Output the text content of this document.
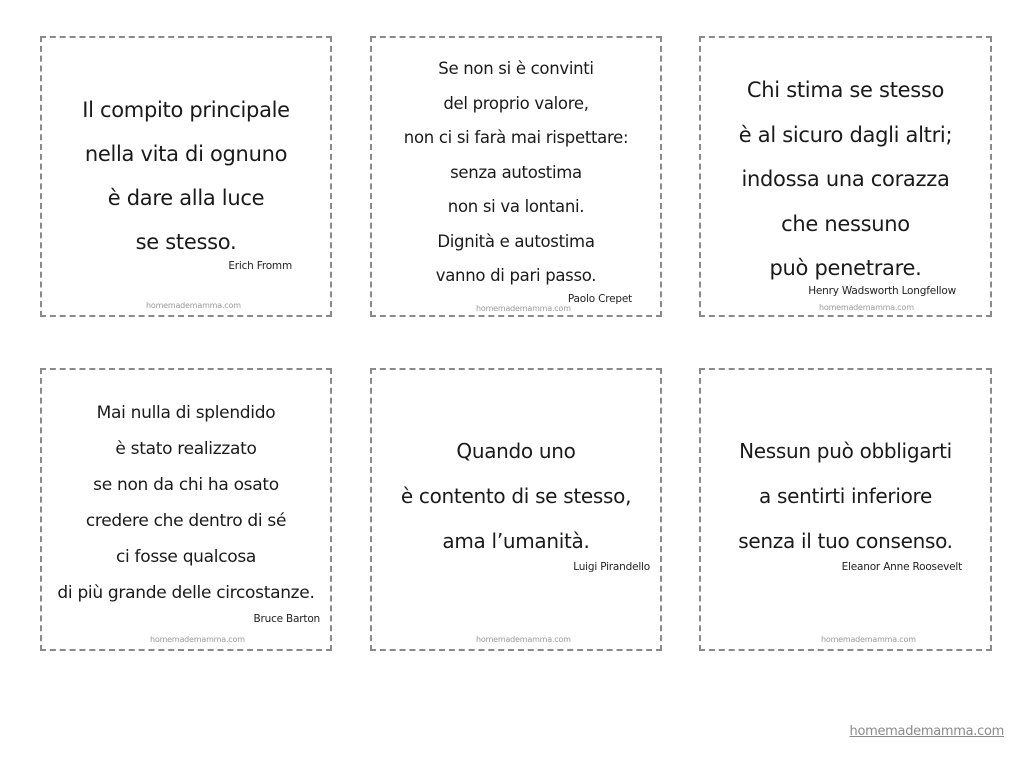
Il compito principale
nella vita di ognuno
è dare alla luce
se stesso.
Erich Fromm
homemademamma.com
Se non si è convinti
del proprio valore,
non ci si farà mai rispettare:
senza autostima
non si va lontani.
Dignità e autostima
vanno di pari passo.
Paolo Crepet
homemademamma.com
Chi stima se stesso
è al sicuro dagli altri;
indossa una corazza
che nessuno
può penetrare.
Henry Wadsworth Longfellow
homemademamma.com
Mai nulla di splendido
è stato realizzato
se non da chi ha osato
credere che dentro di sé
ci fosse qualcosa
di più grande delle circostanze.
Bruce Barton
homemademamma.com
Quando uno
è contento di se stesso,
ama l’umanità.
Luigi Pirandello
homemademamma.com
Nessun può obbligarti
a sentirti inferiore
senza il tuo consenso.
Eleanor Anne Roosevelt
homemademamma.com
homemademamma.com
